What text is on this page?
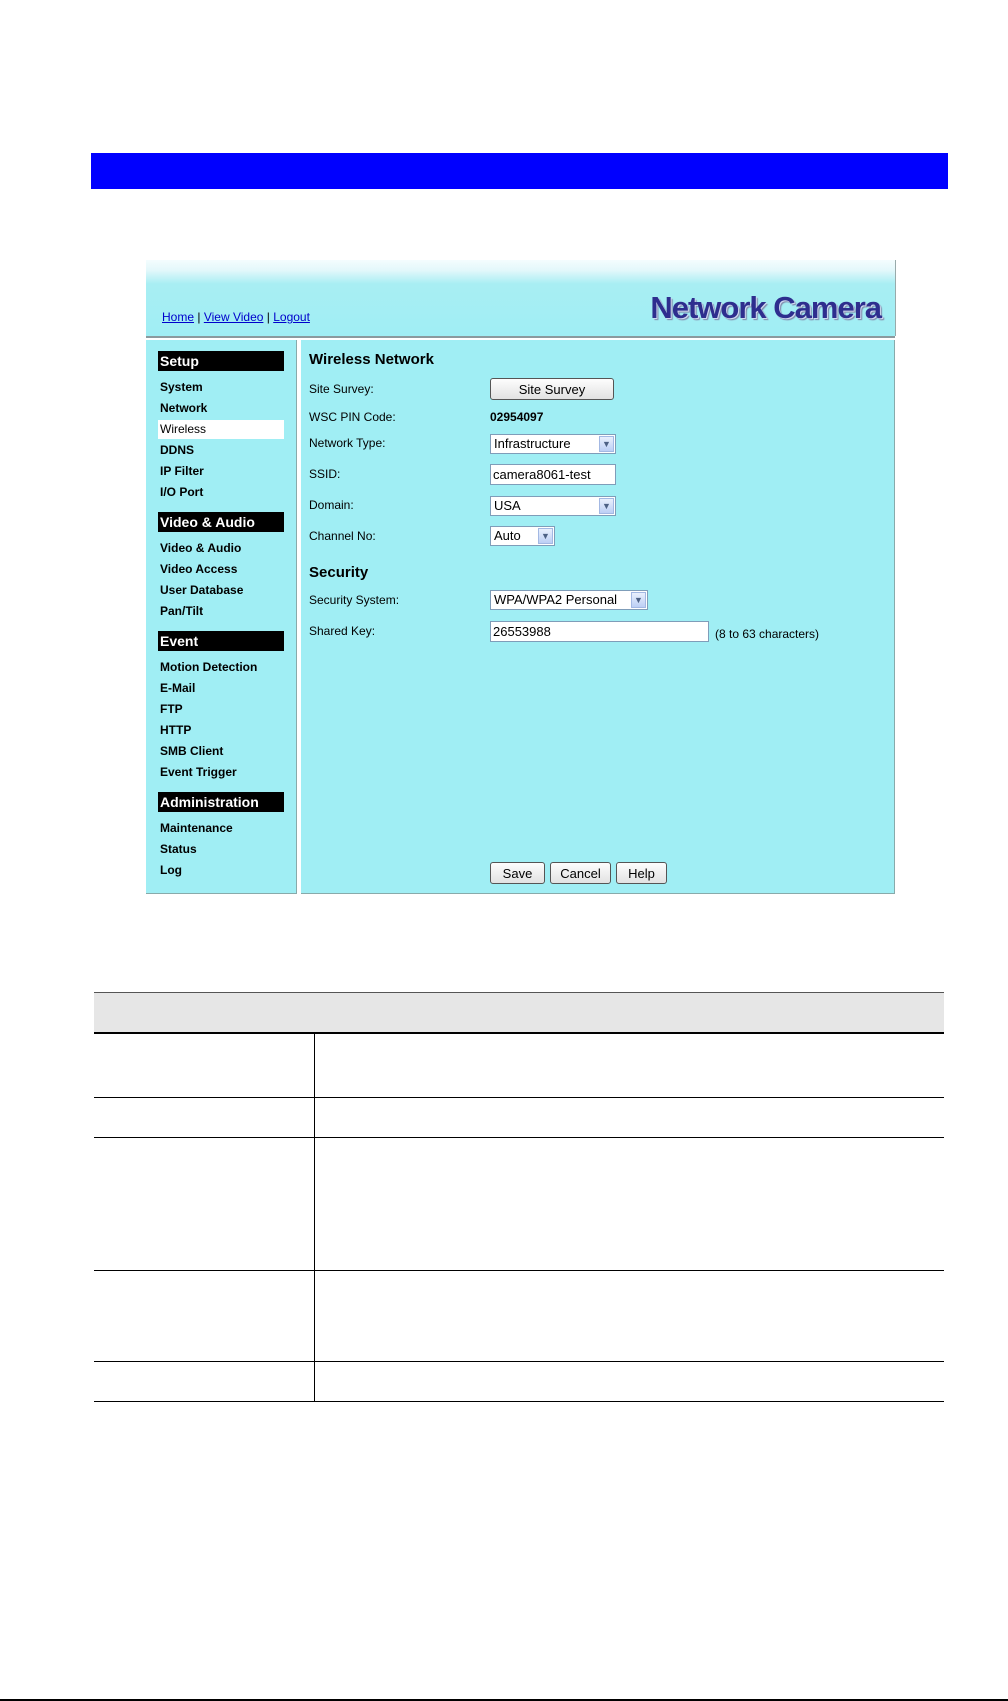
Home | View Video | Logout	Network Camera
Setup
System
Network
Wireless
DDNS
IP Filter
I/O Port
Video & Audio
Video & Audio
Video Access
User Database
Pan/Tilt
Event
Motion Detection
E-Mail
FTP
HTTP
SMB Client
Event Trigger
Administration
Maintenance
Status
Log
Wireless Network
Site Survey:	Site Survey
WSC PIN Code:	02954097
Network Type:	Infrastructure	▼
SSID:
camera8061-test
Domain:	USA	▼
Channel No:	Auto	▼
Security
Security System:	WPA/WPA2 Personal	▼
Shared Key:
26553988	(8 to 63 characters)
Save	Cancel	Help
